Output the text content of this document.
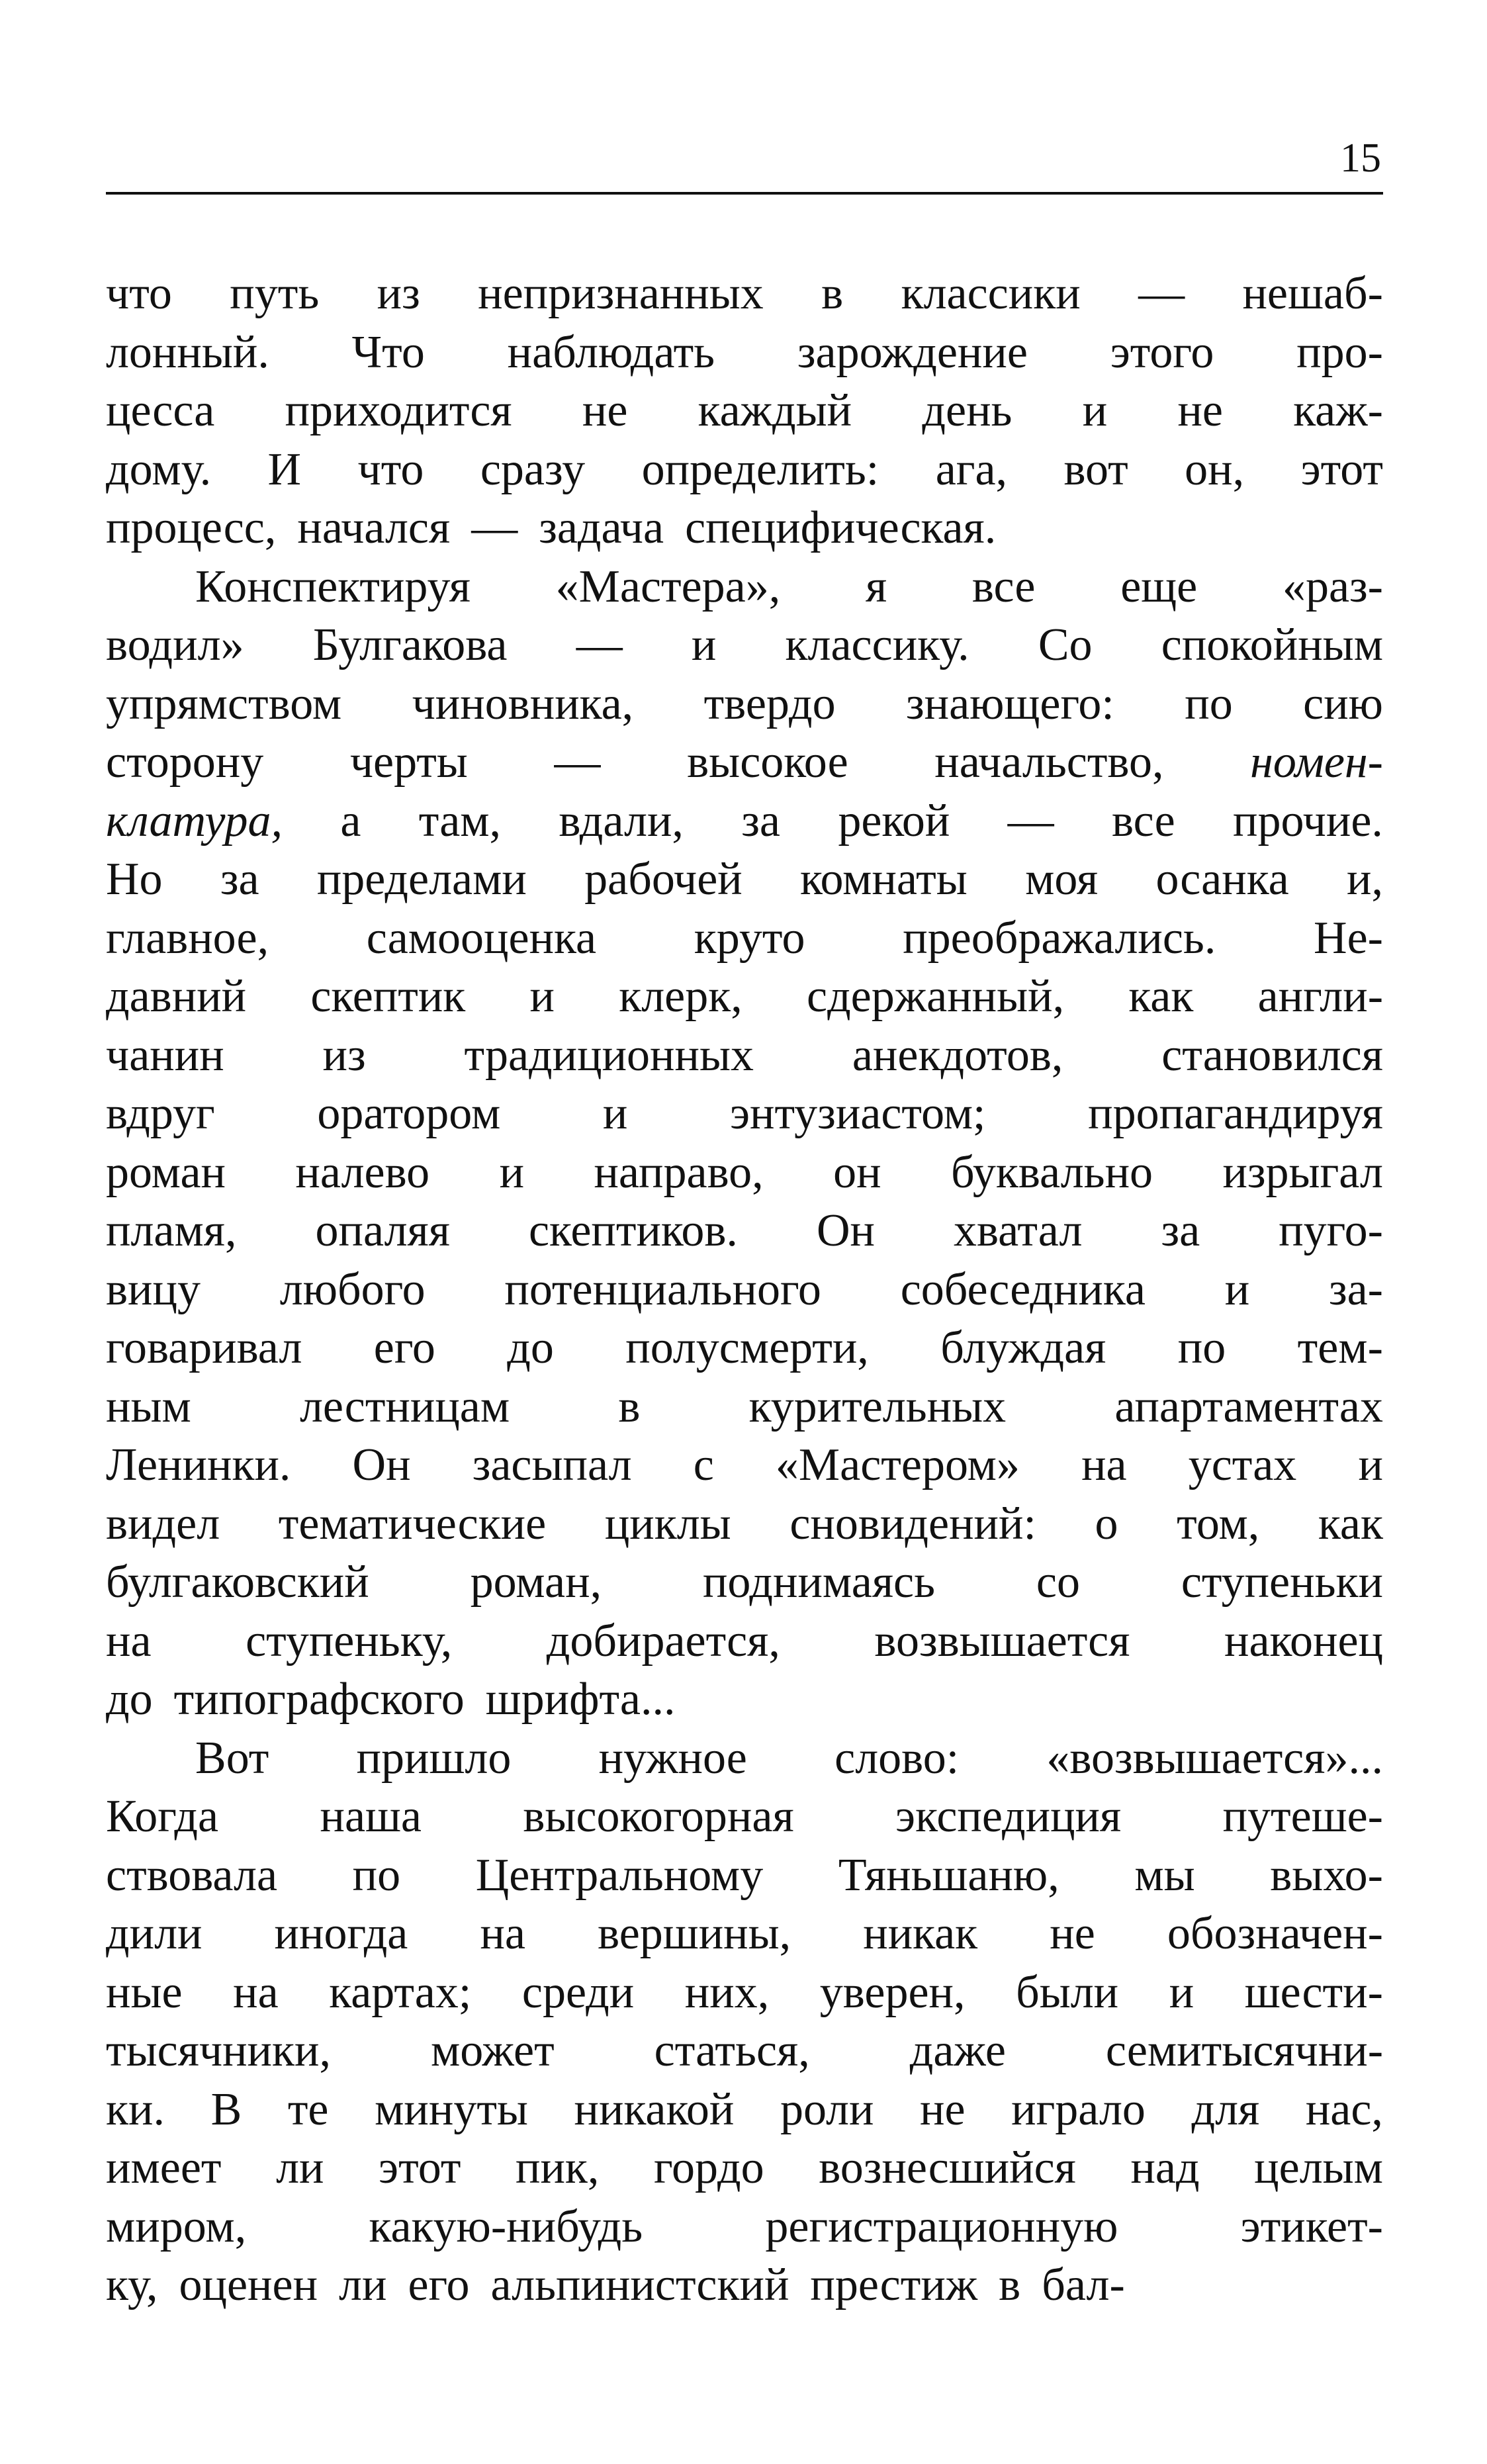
15
что путь из непризнанных в классики — нешаб-
лонный. Что наблюдать зарождение этого про-
цесса приходится не каждый день и не каж-
дому. И что сразу определить: ага, вот он, этот
процесс, начался — задача специфическая.
Конспектируя «Мастера», я все еще «раз-
водил» Булгакова — и классику. Со спокойным
упрямством чиновника, твердо знающего: по сию
сторону черты — высокое начальство, номен-
клатура, а там, вдали, за рекой — все прочие.
Но за пределами рабочей комнаты моя осанка и,
главное, самооценка круто преображались. Не-
давний скептик и клерк, сдержанный, как англи-
чанин из традиционных анекдотов, становился
вдруг оратором и энтузиастом; пропагандируя
роман налево и направо, он буквально изрыгал
пламя, опаляя скептиков. Он хватал за пуго-
вицу любого потенциального собеседника и за-
говаривал его до полусмерти, блуждая по тем-
ным лестницам в курительных апартаментах
Ленинки. Он засыпал с «Мастером» на устах и
видел тематические циклы сновидений: о том, как
булгаковский роман, поднимаясь со ступеньки
на ступеньку, добирается, возвышается наконец
до типографского шрифта...
Вот пришло нужное слово: «возвышается»...
Когда наша высокогорная экспедиция путеше-
ствовала по Центральному Тяньшаню, мы выхо-
дили иногда на вершины, никак не обозначен-
ные на картах; среди них, уверен, были и шести-
тысячники, может статься, даже семитысячни-
ки. В те минуты никакой роли не играло для нас,
имеет ли этот пик, гордо вознесшийся над целым
миром,	какую-нибудь	регистрационную	этикет-
ку, оценен ли его альпинистский престиж в бал-
